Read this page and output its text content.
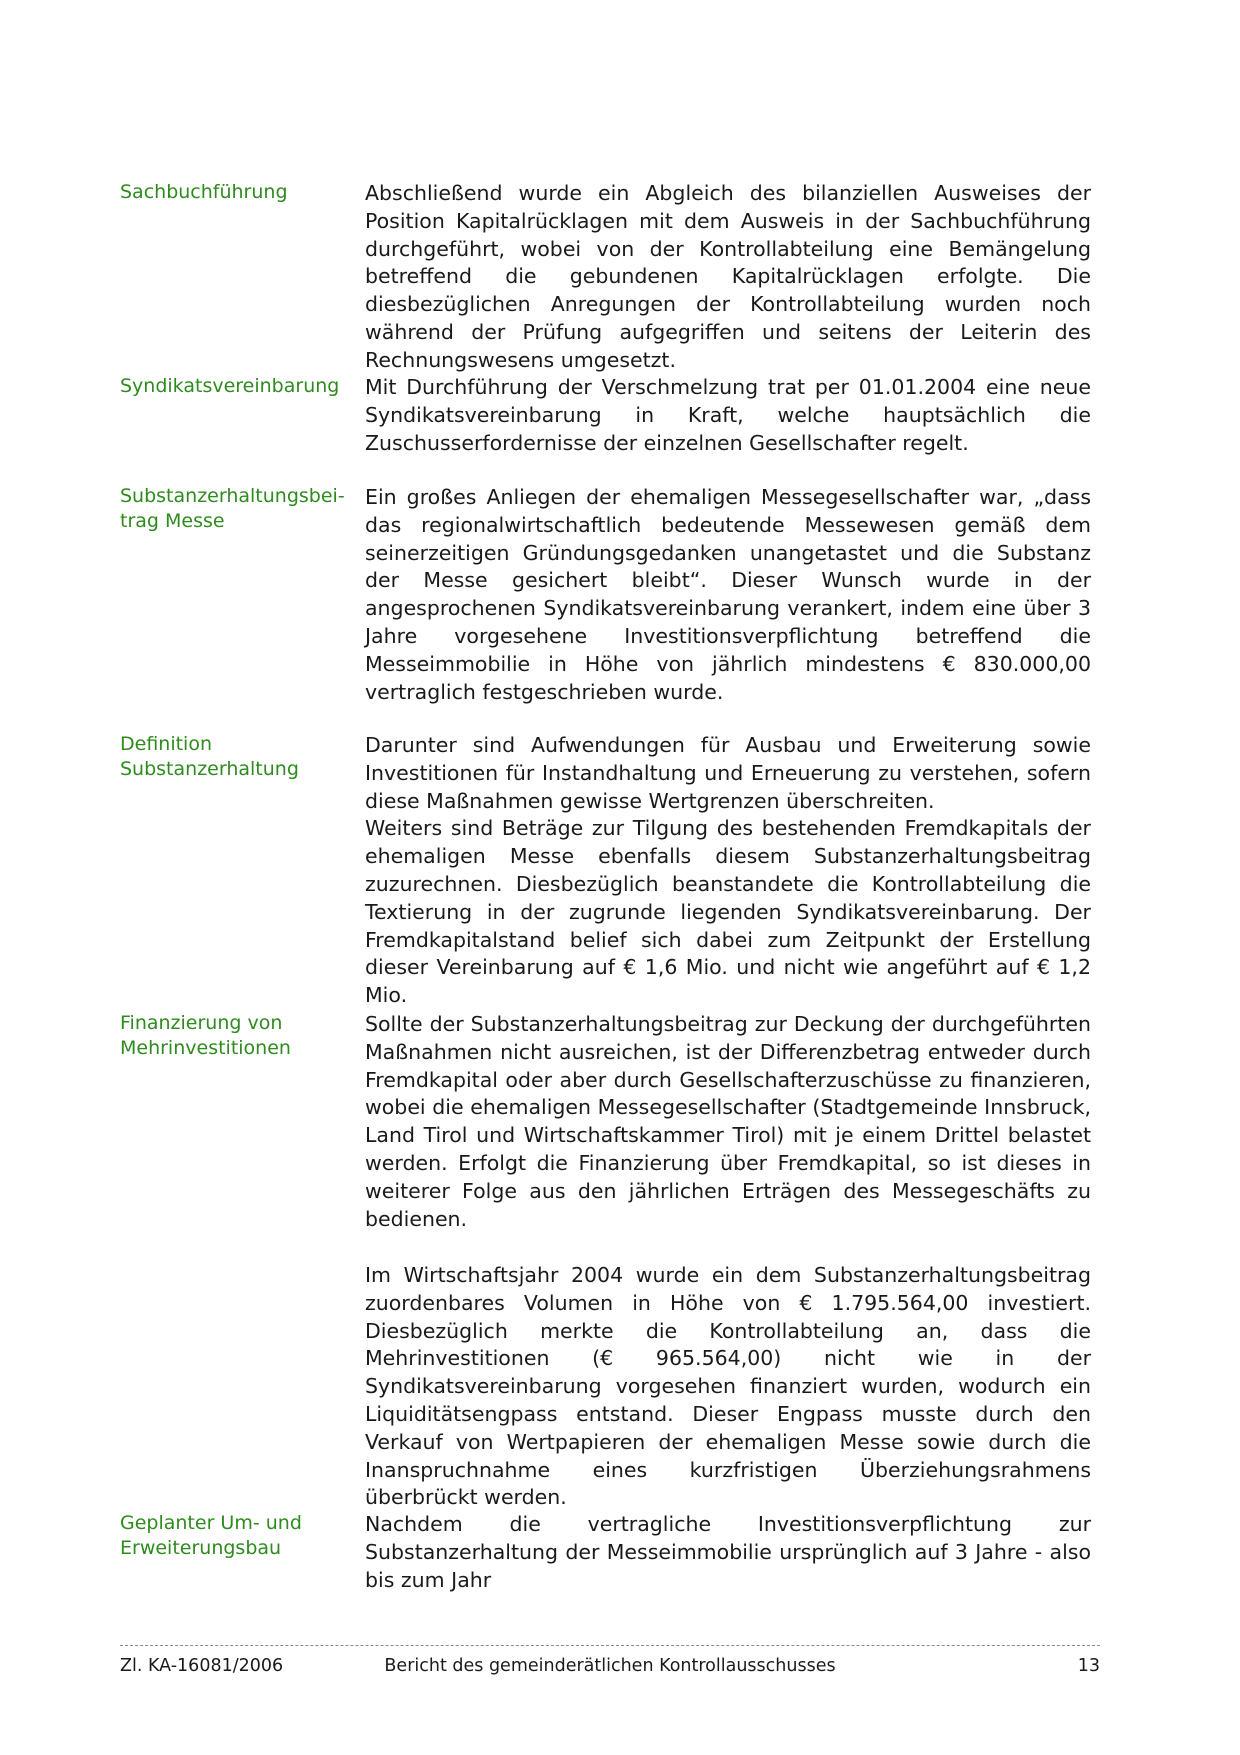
Sachbuchführung	Abschließend wurde ein Abgleich des bilanziellen Ausweises der Position Kapitalrücklagen mit dem Ausweis in der Sachbuchführung durchgeführt, wobei von der Kontrollabteilung eine Bemängelung betreffend die gebundenen Kapitalrücklagen erfolgte. Die diesbezüglichen Anregungen der Kontrollabteilung wurden noch während der Prüfung aufgegriffen und seitens der Leiterin des Rechnungswesens umgesetzt.

Syndikatsvereinbarung Mit Durchführung der Verschmelzung trat per 01.01.2004 eine neue Syndikatsvereinbarung in Kraft, welche hauptsächlich die Zuschusserfordernisse der einzelnen Gesellschafter regelt.

Substanzerhaltungsbei-
trag Messe

Ein großes Anliegen der ehemaligen Messegesellschafter war, „dass das regionalwirtschaftlich bedeutende Messewesen gemäß dem seinerzeitigen Gründungsgedanken unangetastet und die Substanz der Messe gesichert bleibt“. Dieser Wunsch wurde in der angesprochenen Syndikatsvereinbarung verankert, indem eine über 3 Jahre vorgesehene Investitionsverpflichtung betreffend die Messeimmobilie in Höhe von jährlich mindestens € 830.000,00 vertraglich festgeschrieben wurde.

Definition
Substanzerhaltung

Darunter sind Aufwendungen für Ausbau und Erweiterung sowie Investitionen für Instandhaltung und Erneuerung zu verstehen, sofern diese Maßnahmen gewisse Wertgrenzen überschreiten.

Weiters sind Beträge zur Tilgung des bestehenden Fremdkapitals der ehemaligen Messe ebenfalls diesem Substanzerhaltungsbeitrag zuzurechnen. Diesbezüglich beanstandete die Kontrollabteilung die Textierung in der zugrunde liegenden Syndikatsvereinbarung. Der Fremdkapitalstand belief sich dabei zum Zeitpunkt der Erstellung dieser Vereinbarung auf € 1,6 Mio. und nicht wie angeführt auf € 1,2 Mio.

Finanzierung von
Mehrinvestitionen

Sollte der Substanzerhaltungsbeitrag zur Deckung der durchgeführten Maßnahmen nicht ausreichen, ist der Differenzbetrag entweder durch Fremdkapital oder aber durch Gesellschafterzuschüsse zu finanzieren, wobei die ehemaligen Messegesellschafter (Stadtgemeinde Innsbruck, Land Tirol und Wirtschaftskammer Tirol) mit je einem Drittel belastet werden. Erfolgt die Finanzierung über Fremdkapital, so ist dieses in weiterer Folge aus den jährlichen Erträgen des Messegeschäfts zu bedienen.

Im Wirtschaftsjahr 2004 wurde ein dem Substanzerhaltungsbeitrag zuordenbares Volumen in Höhe von € 1.795.564,00 investiert. Diesbezüglich merkte die Kontrollabteilung an, dass die Mehrinvestitionen (€ 965.564,00) nicht wie in der Syndikatsvereinbarung vorgesehen finanziert wurden, wodurch ein Liquiditätsengpass entstand. Dieser Engpass musste durch den Verkauf von Wertpapieren der ehemaligen Messe sowie durch die Inanspruchnahme eines kurzfristigen Überziehungsrahmens überbrückt werden.

Geplanter Um- und
Erweiterungsbau

Nachdem die vertragliche Investitionsverpflichtung zur Substanzerhaltung der Messeimmobilie ursprünglich auf 3 Jahre - also bis zum Jahr

Bericht des gemeinderätlichen Kontrollausschusses
Zl. KA-16081/2006	13
